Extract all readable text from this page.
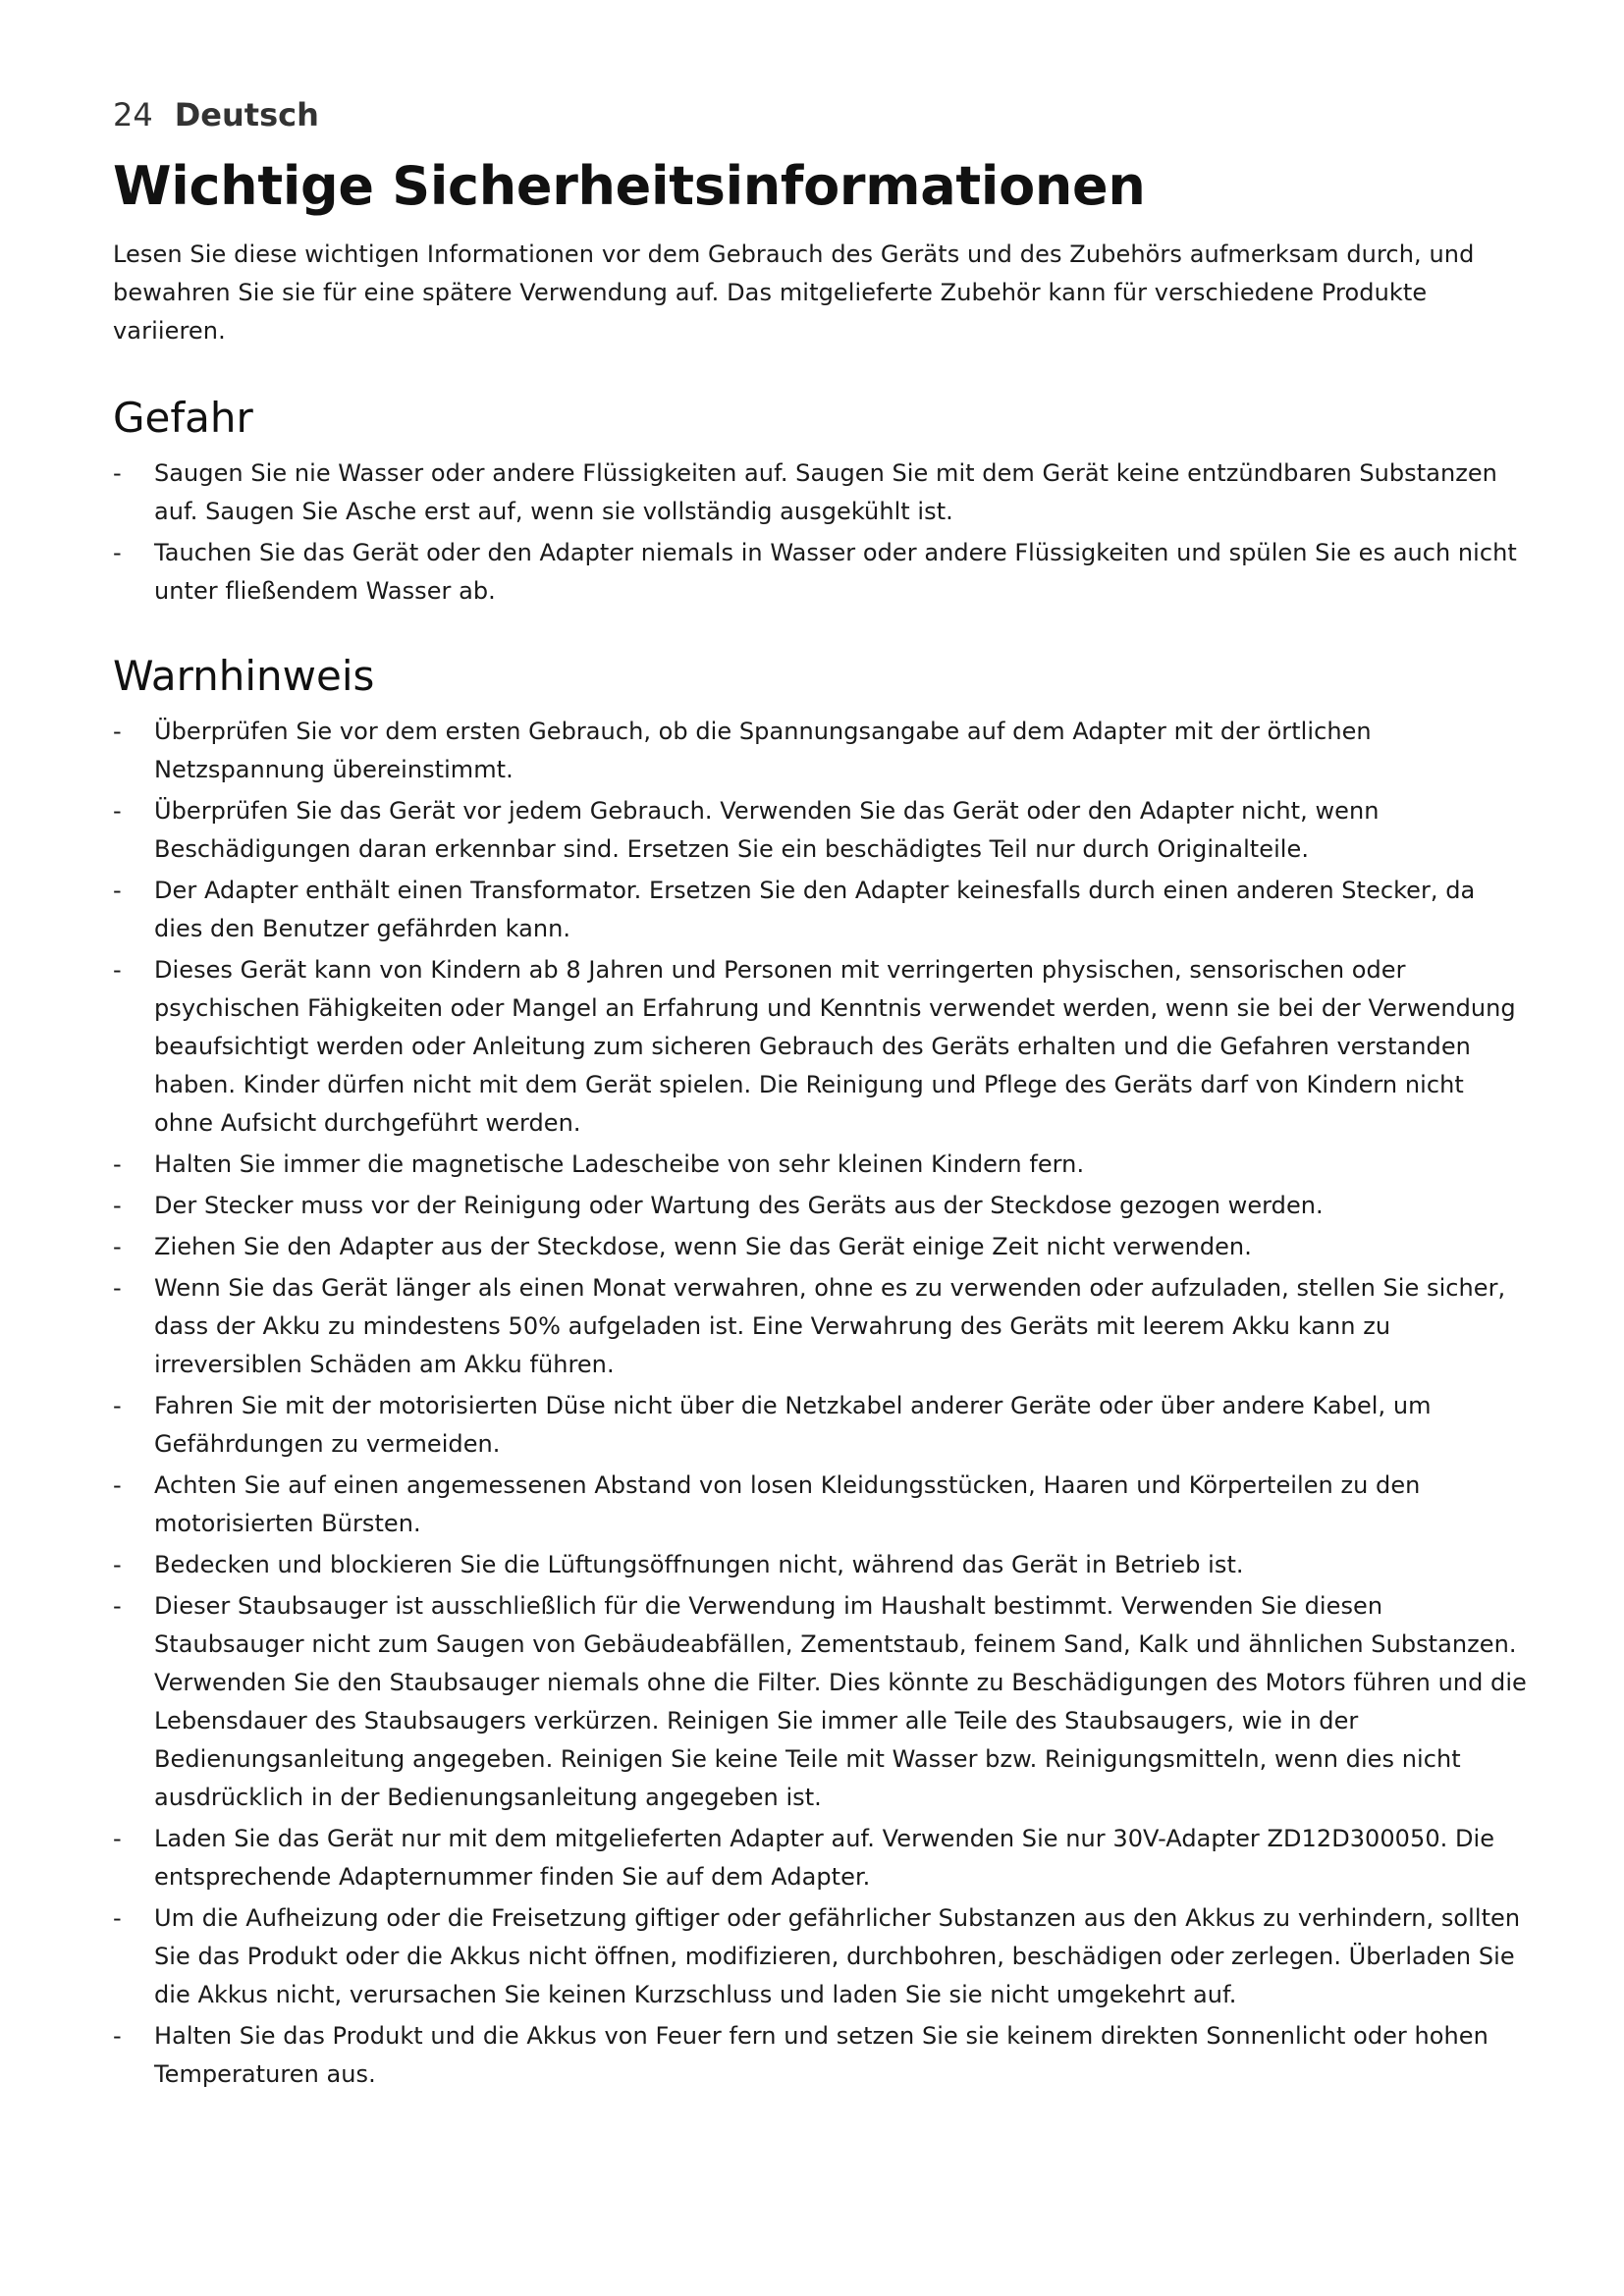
24 Deutsch
Wichtige Sicherheitsinformationen

Lesen Sie diese wichtigen Informationen vor dem Gebrauch des Geräts und des Zubehörs aufmerksam durch, und bewahren Sie sie für eine spätere Verwendung auf. Das mitgelieferte Zubehör kann für verschiedene Produkte variieren.

Gefahr
-	Saugen Sie nie Wasser oder andere Flüssigkeiten auf. Saugen Sie mit dem Gerät keine entzündbaren Substanzen auf. Saugen Sie Asche erst auf, wenn sie vollständig ausgekühlt ist.
-	Tauchen Sie das Gerät oder den Adapter niemals in Wasser oder andere Flüssigkeiten und spülen Sie es auch nicht unter fließendem Wasser ab.
Warnhinweis
-	Überprüfen Sie vor dem ersten Gebrauch, ob die Spannungsangabe auf dem Adapter mit der örtlichen Netzspannung übereinstimmt.
-	Überprüfen Sie das Gerät vor jedem Gebrauch. Verwenden Sie das Gerät oder den Adapter nicht, wenn Beschädigungen daran erkennbar sind. Ersetzen Sie ein beschädigtes Teil nur durch Originalteile.
-	Der Adapter enthält einen Transformator. Ersetzen Sie den Adapter keinesfalls durch einen anderen Stecker, da dies den Benutzer gefährden kann.
-	Dieses Gerät kann von Kindern ab 8 Jahren und Personen mit verringerten physischen, sensorischen oder psychischen Fähigkeiten oder Mangel an Erfahrung und Kenntnis verwendet werden, wenn sie bei der Verwendung beaufsichtigt werden oder Anleitung zum sicheren Gebrauch des Geräts erhalten und die Gefahren verstanden haben. Kinder dürfen nicht mit dem Gerät spielen. Die Reinigung und Pflege des Geräts darf von Kindern nicht ohne Aufsicht durchgeführt werden.
-	Halten Sie immer die magnetische Ladescheibe von sehr kleinen Kindern fern.
-	Der Stecker muss vor der Reinigung oder Wartung des Geräts aus der Steckdose gezogen werden.
-	Ziehen Sie den Adapter aus der Steckdose, wenn Sie das Gerät einige Zeit nicht verwenden.
-	Wenn Sie das Gerät länger als einen Monat verwahren, ohne es zu verwenden oder aufzuladen, stellen Sie sicher, dass der Akku zu mindestens 50% aufgeladen ist. Eine Verwahrung des Geräts mit leerem Akku kann zu irreversiblen Schäden am Akku führen.
-	Fahren Sie mit der motorisierten Düse nicht über die Netzkabel anderer Geräte oder über andere Kabel, um Gefährdungen zu vermeiden.
-	Achten Sie auf einen angemessenen Abstand von losen Kleidungsstücken, Haaren und Körperteilen zu den motorisierten Bürsten.
-	Bedecken und blockieren Sie die Lüftungsöffnungen nicht, während das Gerät in Betrieb ist.
-	Dieser Staubsauger ist ausschließlich für die Verwendung im Haushalt bestimmt. Verwenden Sie diesen Staubsauger nicht zum Saugen von Gebäudeabfällen, Zementstaub, feinem Sand, Kalk und ähnlichen Substanzen. Verwenden Sie den Staubsauger niemals ohne die Filter. Dies könnte zu Beschädigungen des Motors führen und die Lebensdauer des Staubsaugers verkürzen. Reinigen Sie immer alle Teile des Staubsaugers, wie in der Bedienungsanleitung angegeben. Reinigen Sie keine Teile mit Wasser bzw. Reinigungsmitteln, wenn dies nicht ausdrücklich in der Bedienungsanleitung angegeben ist.
-	Laden Sie das Gerät nur mit dem mitgelieferten Adapter auf. Verwenden Sie nur 30V-Adapter ZD12D300050. Die entsprechende Adapternummer finden Sie auf dem Adapter.
-	Um die Aufheizung oder die Freisetzung giftiger oder gefährlicher Substanzen aus den Akkus zu verhindern, sollten Sie das Produkt oder die Akkus nicht öffnen, modifizieren, durchbohren, beschädigen oder zerlegen. Überladen Sie die Akkus nicht, verursachen Sie keinen Kurzschluss und laden Sie sie nicht umgekehrt auf.
-	Halten Sie das Produkt und die Akkus von Feuer fern und setzen Sie sie keinem direkten Sonnenlicht oder hohen Temperaturen aus.
